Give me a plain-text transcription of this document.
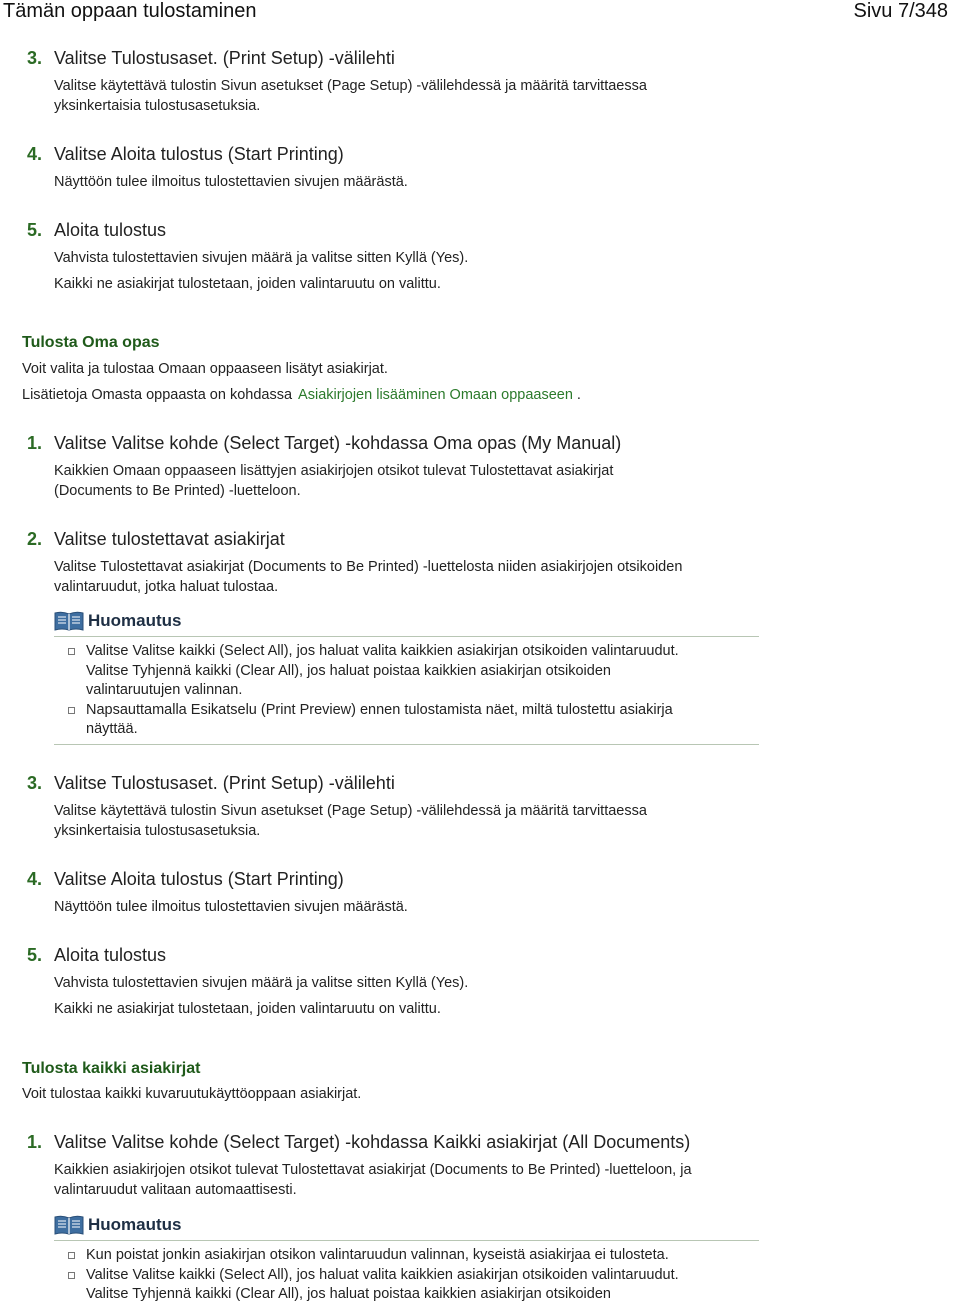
Tämän oppaan tulostaminen	Sivu 7/348
3. Valitse Tulostusaset. (Print Setup) -välilehti
Valitse käytettävä tulostin Sivun asetukset (Page Setup) -välilehdessä ja määritä tarvittaessa
yksinkertaisia tulostusasetuksia.
4. Valitse Aloita tulostus (Start Printing)
Näyttöön tulee ilmoitus tulostettavien sivujen määrästä.
5. Aloita tulostus
Vahvista tulostettavien sivujen määrä ja valitse sitten Kyllä (Yes).
Kaikki ne asiakirjat tulostetaan, joiden valintaruutu on valittu.
Tulosta Oma opas
Voit valita ja tulostaa Omaan oppaaseen lisätyt asiakirjat.
Lisätietoja Omasta oppaasta on kohdassa Asiakirjojen lisääminen Omaan oppaaseen .
1. Valitse Valitse kohde (Select Target) -kohdassa Oma opas (My Manual)
Kaikkien Omaan oppaaseen lisättyjen asiakirjojen otsikot tulevat Tulostettavat asiakirjat
(Documents to Be Printed) -luetteloon.
2. Valitse tulostettavat asiakirjat
Valitse Tulostettavat asiakirjat (Documents to Be Printed) -luettelosta niiden asiakirjojen otsikoiden
valintaruudut, jotka haluat tulostaa.
Huomautus
Valitse Valitse kaikki (Select All), jos haluat valita kaikkien asiakirjan otsikoiden valintaruudut.
Valitse Tyhjennä kaikki (Clear All), jos haluat poistaa kaikkien asiakirjan otsikoiden
valintaruutujen valinnan.
Napsauttamalla Esikatselu (Print Preview) ennen tulostamista näet, miltä tulostettu asiakirja
näyttää.
3. Valitse Tulostusaset. (Print Setup) -välilehti
Valitse käytettävä tulostin Sivun asetukset (Page Setup) -välilehdessä ja määritä tarvittaessa
yksinkertaisia tulostusasetuksia.
4. Valitse Aloita tulostus (Start Printing)
Näyttöön tulee ilmoitus tulostettavien sivujen määrästä.
5. Aloita tulostus
Vahvista tulostettavien sivujen määrä ja valitse sitten Kyllä (Yes).
Kaikki ne asiakirjat tulostetaan, joiden valintaruutu on valittu.
Tulosta kaikki asiakirjat
Voit tulostaa kaikki kuvaruutukäyttöoppaan asiakirjat.
1. Valitse Valitse kohde (Select Target) -kohdassa Kaikki asiakirjat (All Documents)
Kaikkien asiakirjojen otsikot tulevat Tulostettavat asiakirjat (Documents to Be Printed) -luetteloon, ja
valintaruudut valitaan automaattisesti.
Huomautus
Kun poistat jonkin asiakirjan otsikon valintaruudun valinnan, kyseistä asiakirjaa ei tulosteta.
Valitse Valitse kaikki (Select All), jos haluat valita kaikkien asiakirjan otsikoiden valintaruudut.
Valitse Tyhjennä kaikki (Clear All), jos haluat poistaa kaikkien asiakirjan otsikoiden
